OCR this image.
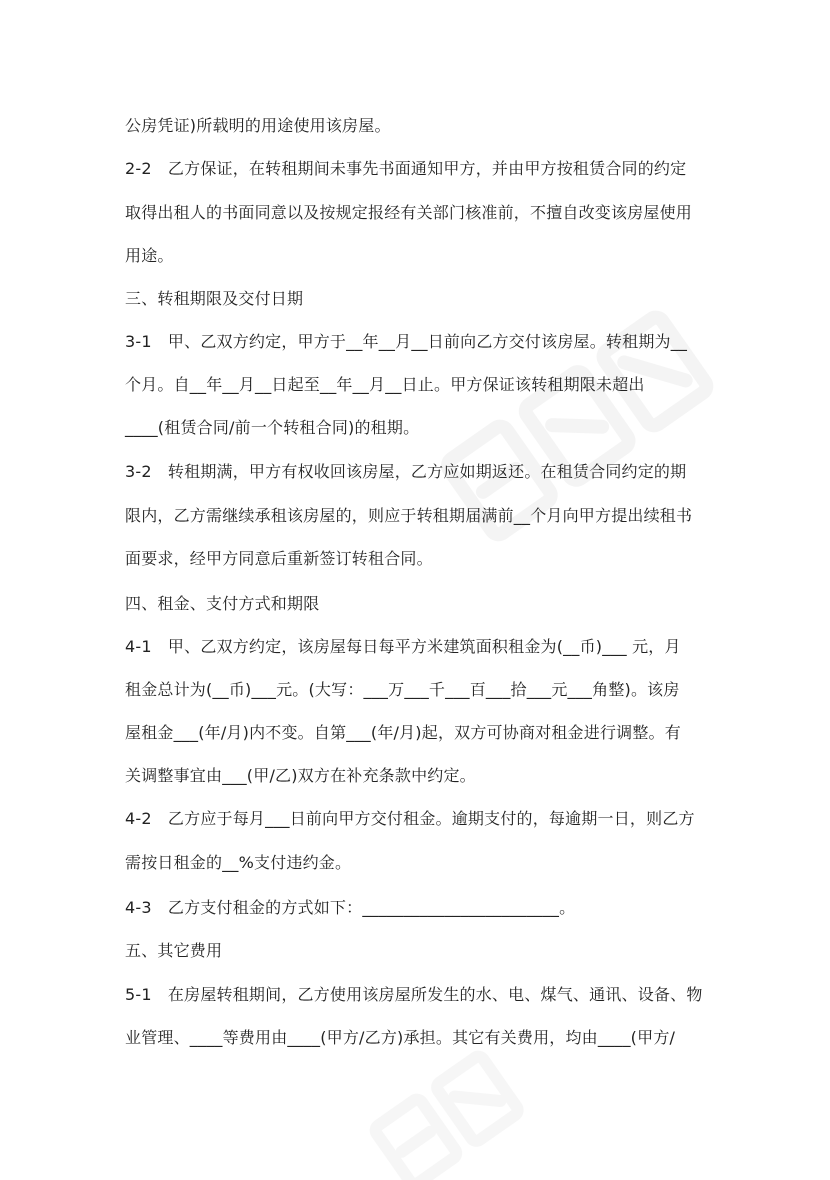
公房凭证)所载明的用途使用该房屋。
2-2　乙方保证，在转租期间未事先书面通知甲方，并由甲方按租赁合同的约定
取得出租人的书面同意以及按规定报经有关部门核准前，不擅自改变该房屋使用
用途。
三、转租期限及交付日期
3-1　甲、乙双方约定，甲方于__年__月__日前向乙方交付该房屋。转租期为__
个月。自__年__月__日起至__年__月__日止。甲方保证该转租期限未超出
____(租赁合同/前一个转租合同)的租期。
3-2　转租期满，甲方有权收回该房屋，乙方应如期返还。在租赁合同约定的期
限内，乙方需继续承租该房屋的，则应于转租期届满前__个月向甲方提出续租书
面要求，经甲方同意后重新签订转租合同。
四、租金、支付方式和期限
4-1　甲、乙双方约定，该房屋每日每平方米建筑面积租金为(__币)___ 元，月
租金总计为(__币)___元。(大写：___万___千___百___拾___元___角整)。该房
屋租金___(年/月)内不变。自第___(年/月)起，双方可协商对租金进行调整。有
关调整事宜由___(甲/乙)双方在补充条款中约定。
4-2　乙方应于每月___日前向甲方交付租金。逾期支付的，每逾期一日，则乙方
需按日租金的__%支付违约金。
4-3　乙方支付租金的方式如下：________________________。
五、其它费用
5-1　在房屋转租期间，乙方使用该房屋所发生的水、电、煤气、通讯、设备、物
业管理、____等费用由____(甲方/乙方)承担。其它有关费用，均由____(甲方/
